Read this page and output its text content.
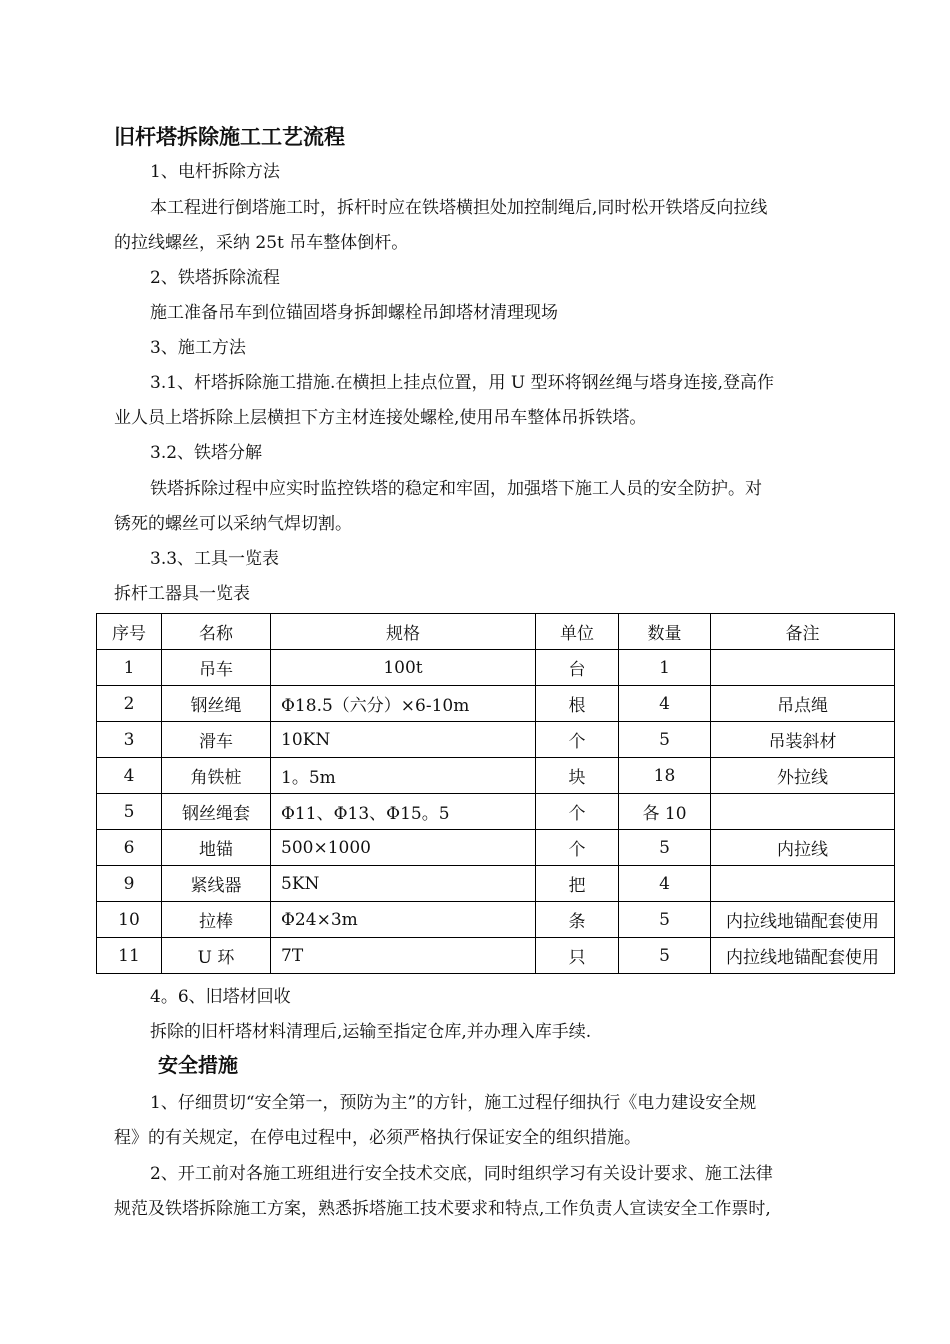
旧杆塔拆除施工工艺流程
1、电杆拆除方法
本工程进行倒塔施工时，拆杆时应在铁塔横担处加控制绳后,同时松开铁塔反向拉线
的拉线螺丝，采纳 25t 吊车整体倒杆。
2、铁塔拆除流程
施工准备吊车到位锚固塔身拆卸螺栓吊卸塔材清理现场
3、施工方法
3.1、杆塔拆除施工措施.在横担上挂点位置，用 U 型环将钢丝绳与塔身连接,登高作
业人员上塔拆除上层横担下方主材连接处螺栓,使用吊车整体吊拆铁塔。
3.2、铁塔分解
铁塔拆除过程中应实时监控铁塔的稳定和牢固，加强塔下施工人员的安全防护。对
锈死的螺丝可以采纳气焊切割。
3.3、工具一览表
拆杆工器具一览表
序号	名称	规格	单位	数量	备注
1	吊车	100t	台	1	
2	钢丝绳	Φ18.5（六分）×6-10m	根	4	吊点绳
3	滑车	10KN	个	5	吊装斜材
4	角铁桩	1。5m	块	18	外拉线
5	钢丝绳套	Φ11、Φ13、Φ15。5	个	各 10	
6	地锚	500×1000	个	5	内拉线
9	紧线器	5KN	把	4	
10	拉棒	Φ24×3m	条	5	内拉线地锚配套使用
11	U 环	7T	只	5	内拉线地锚配套使用
4。6、旧塔材回收
拆除的旧杆塔材料清理后,运输至指定仓库,并办理入库手续.
安全措施
1、仔细贯切“安全第一，预防为主”的方针，施工过程仔细执行《电力建设安全规
程》的有关规定，在停电过程中，必须严格执行保证安全的组织措施。
2、开工前对各施工班组进行安全技术交底，同时组织学习有关设计要求、施工法律
规范及铁塔拆除施工方案，熟悉拆塔施工技术要求和特点,工作负责人宣读安全工作票时,
